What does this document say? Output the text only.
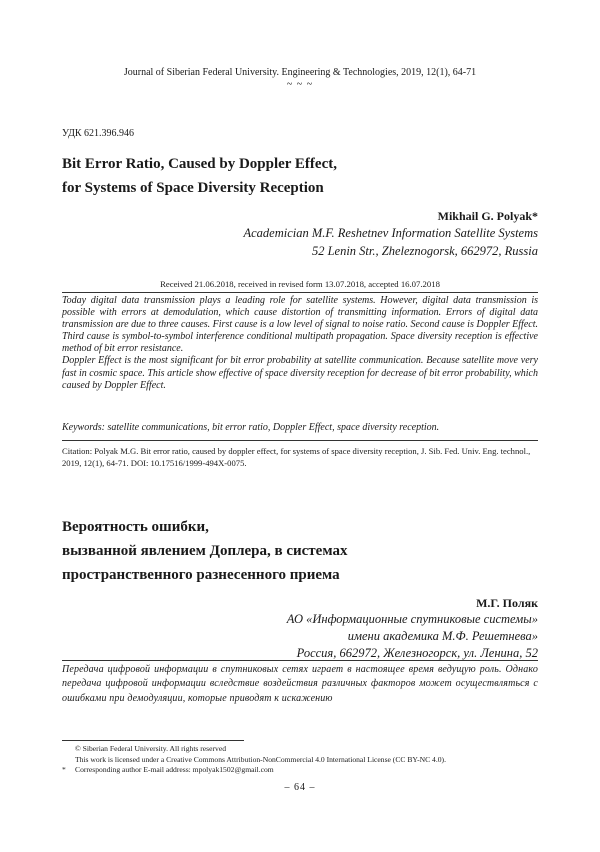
Journal of Siberian Federal University. Engineering & Technologies, 2019, 12(1), 64-71
~ ~ ~
УДК 621.396.946
Bit Error Ratio, Caused by Doppler Effect,
for Systems of Space Diversity Reception
Mikhail G. Polyak*
Academician M.F. Reshetnev Information Satellite Systems
52 Lenin Str., Zheleznogorsk, 662972, Russia
Received 21.06.2018, received in revised form 13.07.2018, accepted 16.07.2018

Today digital data transmission plays a leading role for satellite systems. However, digital data transmission is possible with errors at demodulation, which cause distortion of transmitting information. Errors of digital data transmission are due to three causes. First cause is a low level of signal to noise ratio. Second cause is Doppler Effect. Third cause is symbol-to-symbol interference conditional multipath propagation. Space diversity reception is effective method of bit error resistance.

Doppler Effect is the most significant for bit error probability at satellite communication. Because satellite move very fast in cosmic space. This article show effective of space diversity reception for decrease of bit error probability, which caused by Doppler Effect.

Keywords: satellite communications, bit error ratio, Doppler Effect, space diversity reception.
Citation: Polyak M.G. Bit error ratio, caused by doppler effect, for systems of space diversity reception, J. Sib. Fed. Univ. Eng. technol., 2019, 12(1), 64-71. DOI: 10.17516/1999-494X-0075.
Вероятность ошибки,
вызванной явлением Доплера, в системах
пространственного разнесенного приема
М.Г. Поляк
АО «Информационные спутниковые системы»
имени академика М.Ф. Решетнева»
Россия, 662972, Железногорск, ул. Ленина, 52

Передача цифровой информации в спутниковых сетях играет в настоящее время ведущую роль. Однако передача цифровой информации вследствие воздействия различных факторов может осуществляться с ошибками при демодуляции, которые приводят к искажению

© Siberian Federal University. All rights reserved
This work is licensed under a Creative Commons Attribution-NonCommercial 4.0 International License (CC BY-NC 4.0).
*	Corresponding author E-mail address: mpolyak1502@gmail.com
– 64 –
